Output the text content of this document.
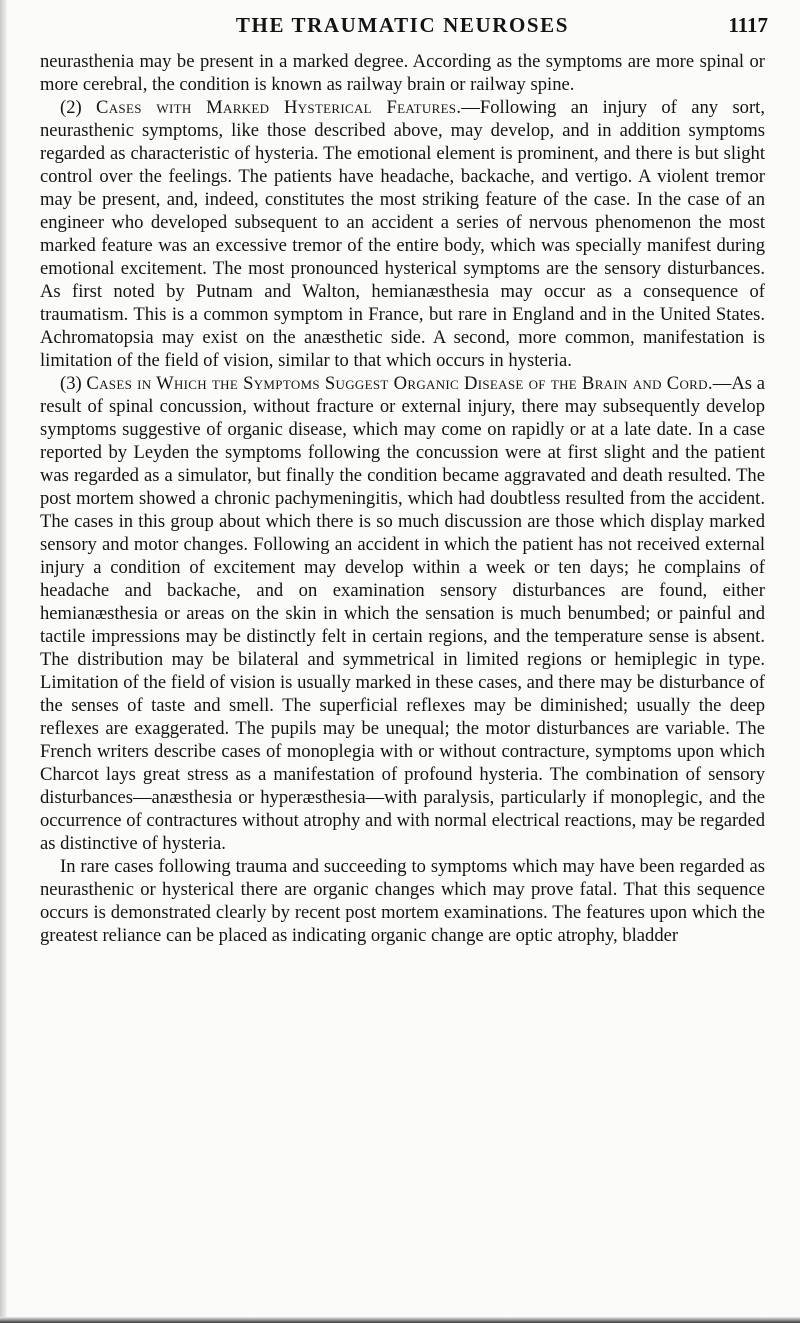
THE TRAUMATIC NEUROSES	1117

neurasthenia may be present in a marked degree. According as the symptoms are more spinal or more cerebral, the condition is known as railway brain or railway spine.

(2) Cases with Marked Hysterical Features.—Following an injury of any sort, neurasthenic symptoms, like those described above, may develop, and in addition symptoms regarded as characteristic of hysteria. The emotional element is prominent, and there is but slight control over the feelings. The patients have headache, backache, and vertigo. A violent tremor may be present, and, indeed, constitutes the most striking feature of the case. In the case of an engineer who developed subsequent to an accident a series of nervous phenomenon the most marked feature was an excessive tremor of the entire body, which was specially manifest during emotional excitement. The most pronounced hysterical symptoms are the sensory disturbances. As first noted by Putnam and Walton, hemianæsthesia may occur as a consequence of traumatism. This is a common symptom in France, but rare in England and in the United States. Achromatopsia may exist on the anæsthetic side. A second, more common, manifestation is limitation of the field of vision, similar to that which occurs in hysteria.

(3) Cases in Which the Symptoms Suggest Organic Disease of the Brain and Cord.—As a result of spinal concussion, without fracture or external injury, there may subsequently develop symptoms suggestive of organic disease, which may come on rapidly or at a late date. In a case reported by Leyden the symptoms following the concussion were at first slight and the patient was regarded as a simulator, but finally the condition became aggravated and death resulted. The post mortem showed a chronic pachymeningitis, which had doubtless resulted from the accident. The cases in this group about which there is so much discussion are those which display marked sensory and motor changes. Following an accident in which the patient has not received external injury a condition of excitement may develop within a week or ten days; he complains of headache and backache, and on examination sensory disturbances are found, either hemianæsthesia or areas on the skin in which the sensation is much benumbed; or painful and tactile impressions may be distinctly felt in certain regions, and the temperature sense is absent. The distribution may be bilateral and symmetrical in limited regions or hemiplegic in type. Limitation of the field of vision is usually marked in these cases, and there may be disturbance of the senses of taste and smell. The superficial reflexes may be diminished; usually the deep reflexes are exaggerated. The pupils may be unequal; the motor disturbances are variable. The French writers describe cases of monoplegia with or without contracture, symptoms upon which Charcot lays great stress as a manifestation of profound hysteria. The combination of sensory disturbances—anæsthesia or hyperæsthesia—with paralysis, particularly if monoplegic, and the occurrence of contractures without atrophy and with normal electrical reactions, may be regarded as distinctive of hysteria.

In rare cases following trauma and succeeding to symptoms which may have been regarded as neurasthenic or hysterical there are organic changes which may prove fatal. That this sequence occurs is demonstrated clearly by recent post mortem examinations. The features upon which the greatest reliance can be placed as indicating organic change are optic atrophy, bladder
